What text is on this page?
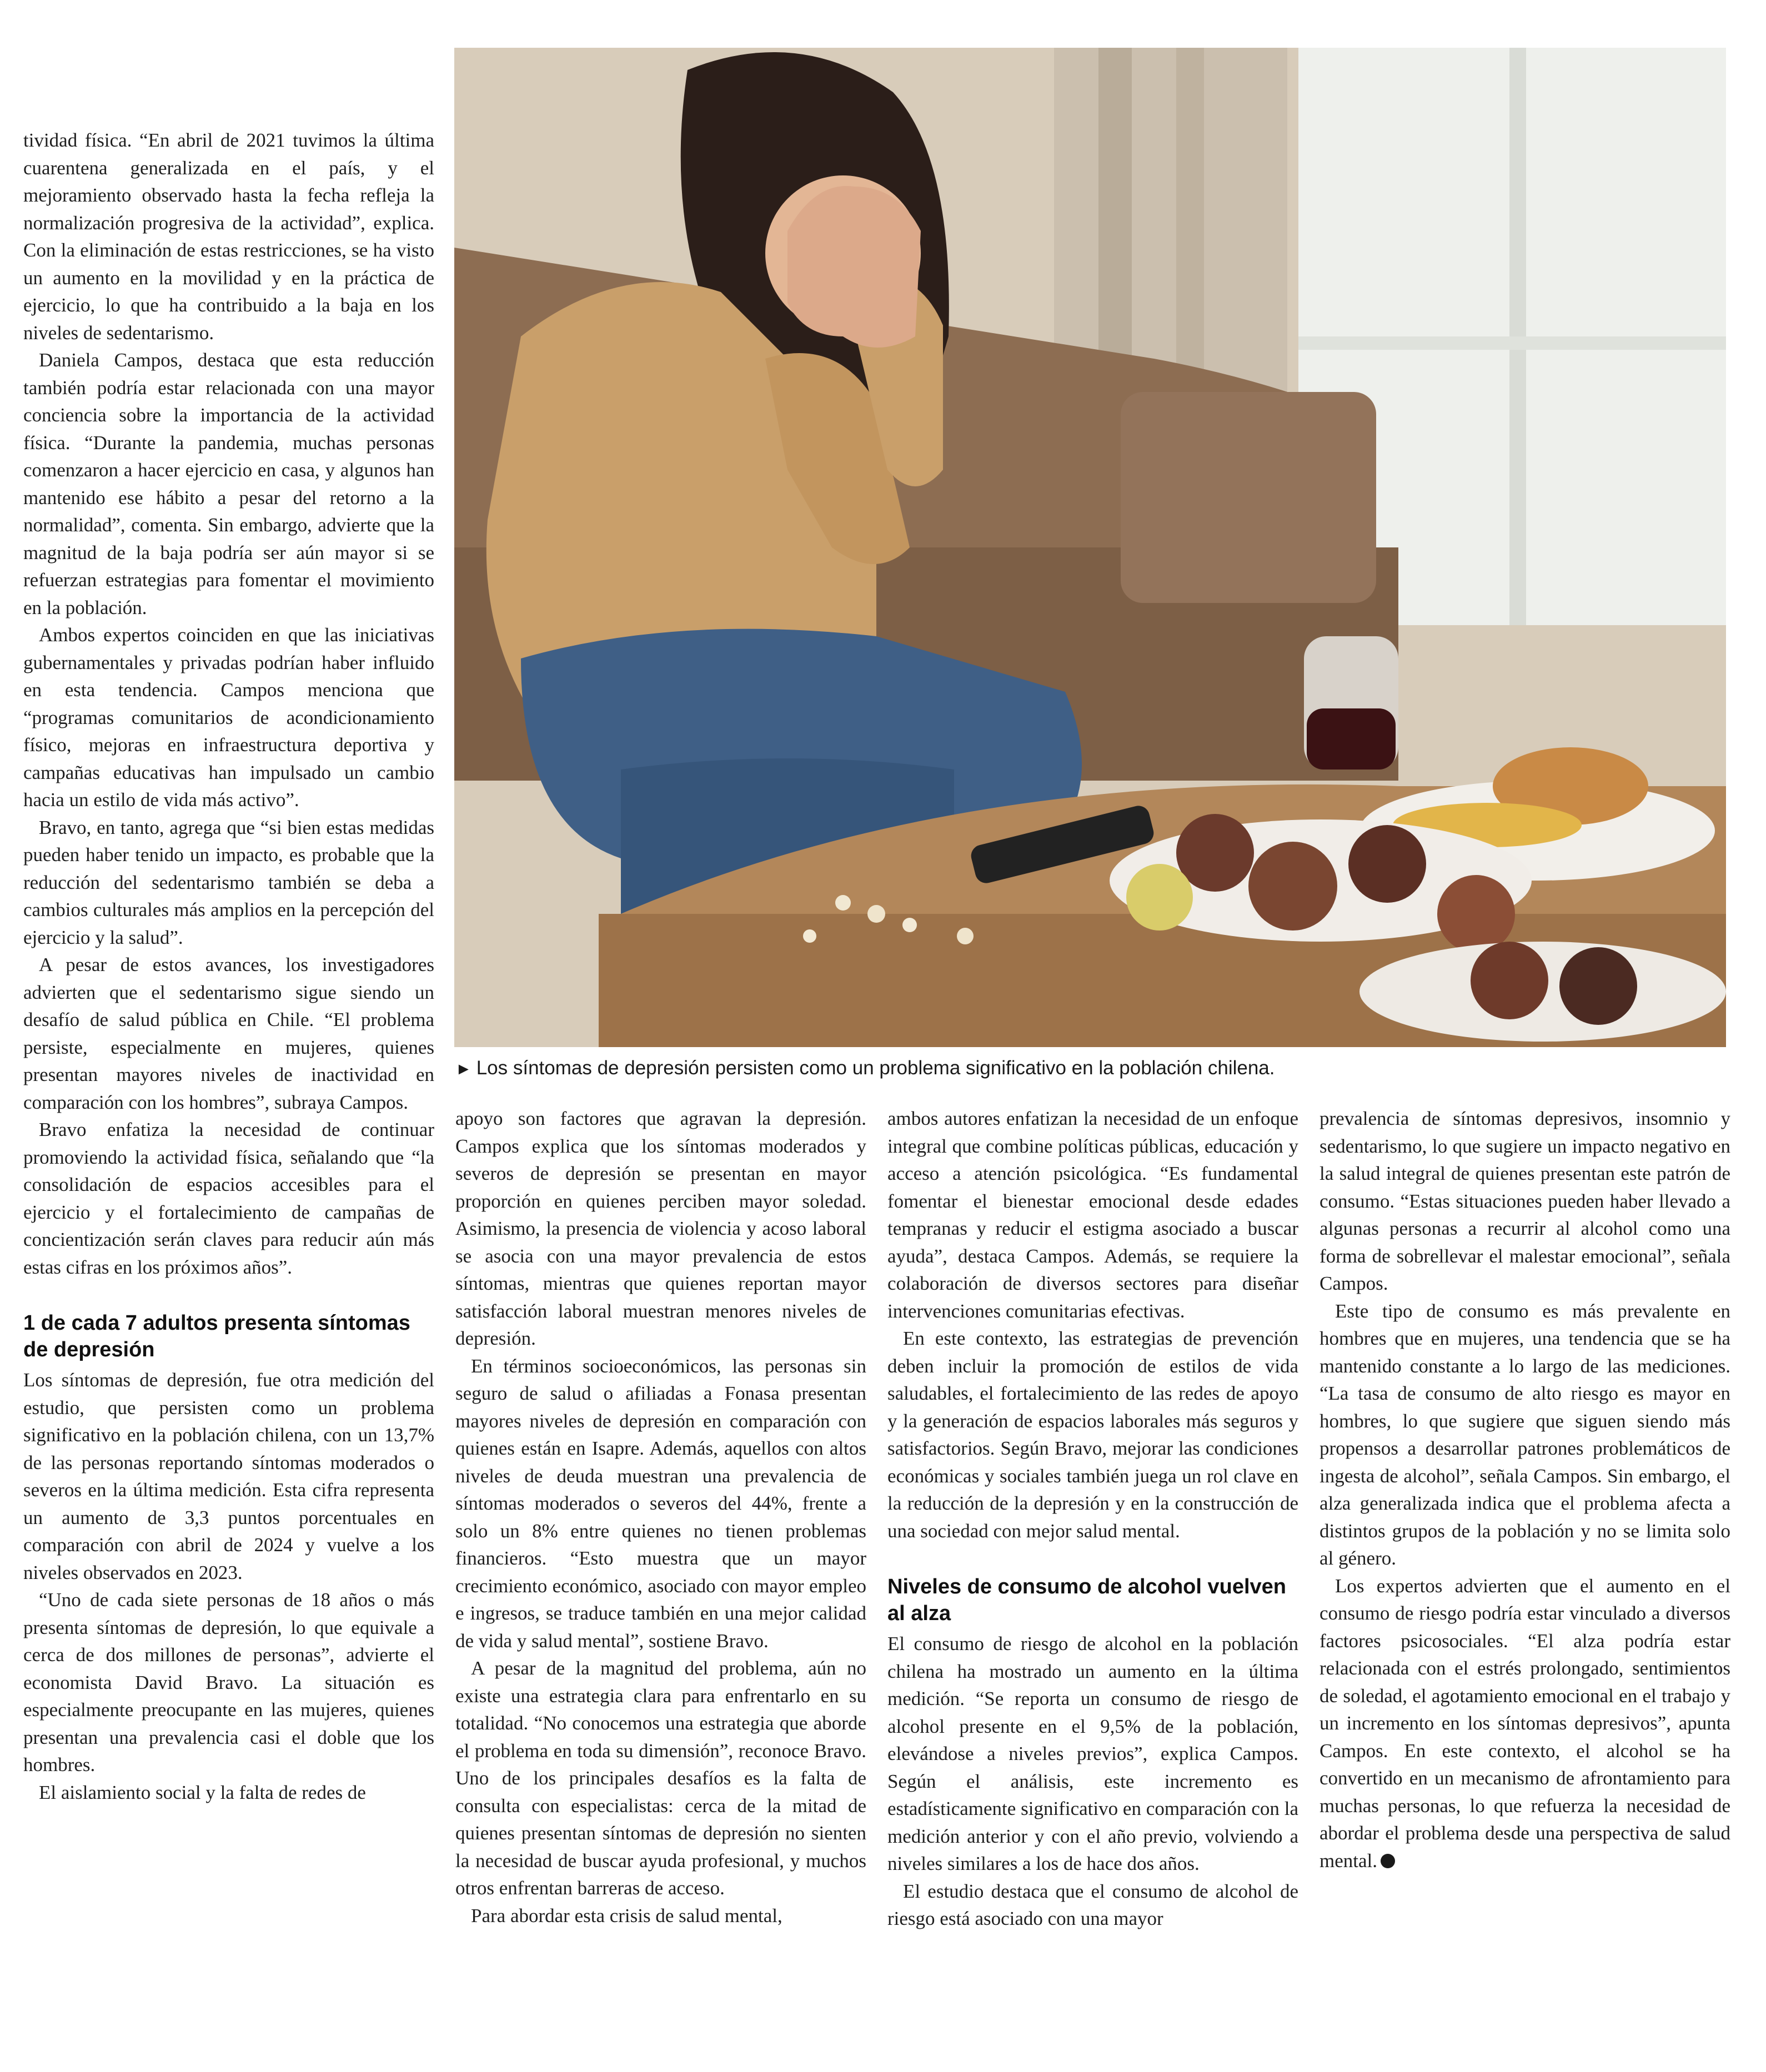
► Los síntomas de depresión persisten como un problema significativo en la población chilena.

tividad física. “En abril de 2021 tuvimos la última cuarentena generalizada en el país, y el mejoramiento observado hasta la fecha refleja la normalización progresiva de la actividad”, explica. Con la eliminación de estas restricciones, se ha visto un aumento en la movilidad y en la práctica de ejercicio, lo que ha contribuido a la baja en los niveles de sedentarismo.

Daniela Campos, destaca que esta reducción también podría estar relacionada con una mayor conciencia sobre la importancia de la actividad física. “Durante la pandemia, muchas personas comenzaron a hacer ejercicio en casa, y algunos han mantenido ese hábito a pesar del retorno a la normalidad”, comenta. Sin embargo, advierte que la magnitud de la baja podría ser aún mayor si se refuerzan estrategias para fomentar el movimiento en la población.

Ambos expertos coinciden en que las iniciativas gubernamentales y privadas podrían haber influido en esta tendencia. Campos menciona que “programas comunitarios de acondicionamiento físico, mejoras en infraestructura deportiva y campañas educativas han impulsado un cambio hacia un estilo de vida más activo”.

Bravo, en tanto, agrega que “si bien estas medidas pueden haber tenido un impacto, es probable que la reducción del sedentarismo también se deba a cambios culturales más amplios en la percepción del ejercicio y la salud”.

A pesar de estos avances, los investigadores advierten que el sedentarismo sigue siendo un desafío de salud pública en Chile. “El problema persiste, especialmente en mujeres, quienes presentan mayores niveles de inactividad en comparación con los hombres”, subraya Campos.

Bravo enfatiza la necesidad de continuar promoviendo la actividad física, señalando que “la consolidación de espacios accesibles para el ejercicio y el fortalecimiento de campañas de concientización serán claves para reducir aún más estas cifras en los próximos años”.

1 de cada 7 adultos presenta síntomas de depresión

Los síntomas de depresión, fue otra medición del estudio, que persisten como un problema significativo en la población chilena, con un 13,7% de las personas reportando síntomas moderados o severos en la última medición. Esta cifra representa un aumento de 3,3 puntos porcentuales en comparación con abril de 2024 y vuelve a los niveles observados en 2023.

“Uno de cada siete personas de 18 años o más presenta síntomas de depresión, lo que equivale a cerca de dos millones de personas”, advierte el economista David Bravo. La situación es especialmente preocupante en las mujeres, quienes presentan una prevalencia casi el doble que los hombres.

El aislamiento social y la falta de redes de

apoyo son factores que agravan la depresión. Campos explica que los síntomas moderados y severos de depresión se presentan en mayor proporción en quienes perciben mayor soledad. Asimismo, la presencia de violencia y acoso laboral se asocia con una mayor prevalencia de estos síntomas, mientras que quienes reportan mayor satisfacción laboral muestran menores niveles de depresión.

En términos socioeconómicos, las personas sin seguro de salud o afiliadas a Fonasa presentan mayores niveles de depresión en comparación con quienes están en Isapre. Además, aquellos con altos niveles de deuda muestran una prevalencia de síntomas moderados o severos del 44%, frente a solo un 8% entre quienes no tienen problemas financieros. “Esto muestra que un mayor crecimiento económico, asociado con mayor empleo e ingresos, se traduce también en una mejor calidad de vida y salud mental”, sostiene Bravo.

A pesar de la magnitud del problema, aún no existe una estrategia clara para enfrentarlo en su totalidad. “No conocemos una estrategia que aborde el problema en toda su dimensión”, reconoce Bravo. Uno de los principales desafíos es la falta de consulta con especialistas: cerca de la mitad de quienes presentan síntomas de depresión no sienten la necesidad de buscar ayuda profesional, y muchos otros enfrentan barreras de acceso.

Para abordar esta crisis de salud mental,

ambos autores enfatizan la necesidad de un enfoque integral que combine políticas públicas, educación y acceso a atención psicológica. “Es fundamental fomentar el bienestar emocional desde edades tempranas y reducir el estigma asociado a buscar ayuda”, destaca Campos. Además, se requiere la colaboración de diversos sectores para diseñar intervenciones comunitarias efectivas.

En este contexto, las estrategias de prevención deben incluir la promoción de estilos de vida saludables, el fortalecimiento de las redes de apoyo y la generación de espacios laborales más seguros y satisfactorios. Según Bravo, mejorar las condiciones económicas y sociales también juega un rol clave en la reducción de la depresión y en la construcción de una sociedad con mejor salud mental.

Niveles de consumo de alcohol vuelven al alza

El consumo de riesgo de alcohol en la población chilena ha mostrado un aumento en la última medición. “Se reporta un consumo de riesgo de alcohol presente en el 9,5% de la población, elevándose a niveles previos”, explica Campos. Según el análisis, este incremento es estadísticamente significativo en comparación con la medición anterior y con el año previo, volviendo a niveles similares a los de hace dos años.

El estudio destaca que el consumo de alcohol de riesgo está asociado con una mayor

prevalencia de síntomas depresivos, insomnio y sedentarismo, lo que sugiere un impacto negativo en la salud integral de quienes presentan este patrón de consumo. “Estas situaciones pueden haber llevado a algunas personas a recurrir al alcohol como una forma de sobrellevar el malestar emocional”, señala Campos.

Este tipo de consumo es más prevalente en hombres que en mujeres, una tendencia que se ha mantenido constante a lo largo de las mediciones. “La tasa de consumo de alto riesgo es mayor en hombres, lo que sugiere que siguen siendo más propensos a desarrollar patrones problemáticos de ingesta de alcohol”, señala Campos. Sin embargo, el alza generalizada indica que el problema afecta a distintos grupos de la población y no se limita solo al género.

Los expertos advierten que el aumento en el consumo de riesgo podría estar vinculado a diversos factores psicosociales. “El alza podría estar relacionada con el estrés prolongado, sentimientos de soledad, el agotamiento emocional en el trabajo y un incremento en los síntomas depresivos”, apunta Campos. En este contexto, el alcohol se ha convertido en un mecanismo de afrontamiento para muchas personas, lo que refuerza la necesidad de abordar el problema desde una perspectiva de salud mental.
